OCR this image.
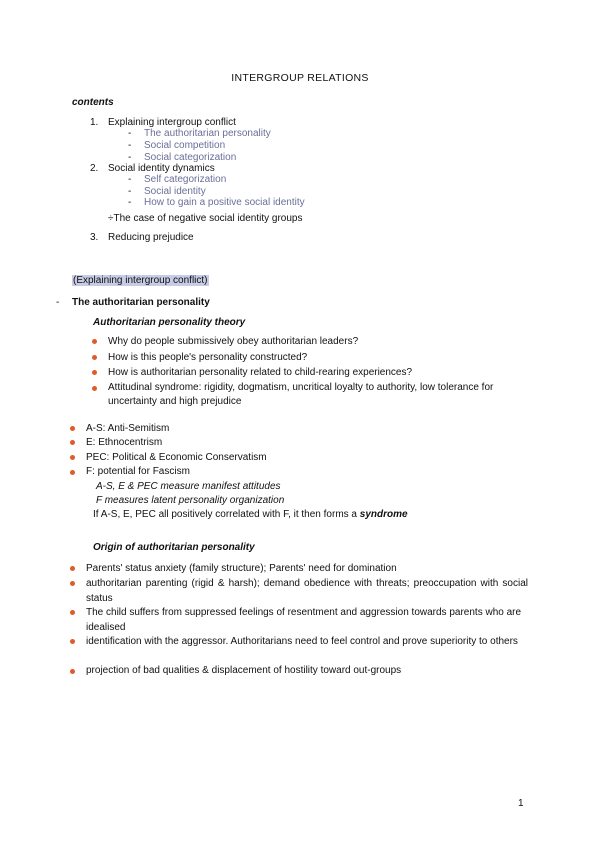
INTERGROUP RELATIONS
contents
1. Explaining intergroup conflict
- The authoritarian personality
- Social competition
- Social categorization
2. Social identity dynamics
- Self categorization
- Social identity
- How to gain a positive social identity
÷The case of negative social identity groups
3. Reducing prejudice
(Explaining intergroup conflict)
- The authoritarian personality
Authoritarian personality theory
Why do people submissively obey authoritarian leaders?
How is this people's personality constructed?
How is authoritarian personality related to child-rearing experiences?
Attitudinal syndrome: rigidity, dogmatism, uncritical loyalty to authority, low tolerance for uncertainty and high prejudice
A-S: Anti-Semitism
E: Ethnocentrism
PEC: Political & Economic Conservatism
F: potential for Fascism
A-S, E & PEC measure manifest attitudes
F measures latent personality organization
If A-S, E, PEC all positively correlated with F, it then forms a syndrome
Origin of authoritarian personality
Parents' status anxiety (family structure); Parents' need for domination
authoritarian parenting (rigid & harsh); demand obedience with threats; preoccupation with social status
The child suffers from suppressed feelings of resentment and aggression towards parents who are idealised
identification with the aggressor. Authoritarians need to feel control and prove superiority to others
projection of bad qualities & displacement of hostility toward out-groups
1
